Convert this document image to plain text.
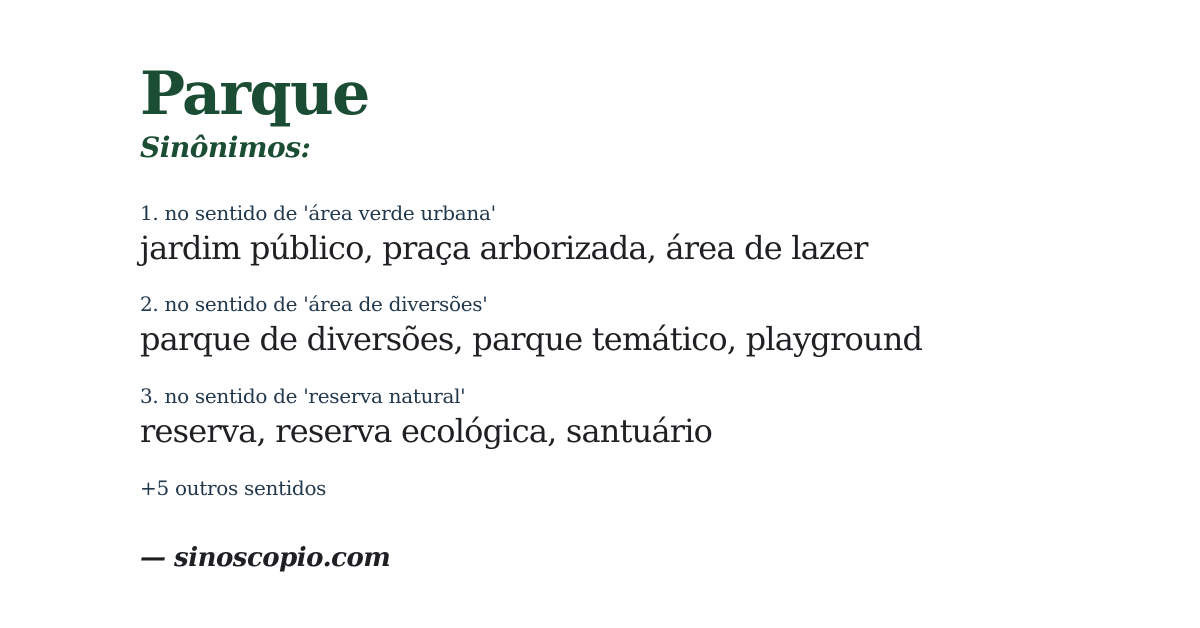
Parque
Sinônimos:
1. no sentido de 'área verde urbana'
jardim público, praça arborizada, área de lazer
2. no sentido de 'área de diversões'
parque de diversões, parque temático, playground
3. no sentido de 'reserva natural'
reserva, reserva ecológica, santuário
+5 outros sentidos
— sinoscopio.com
